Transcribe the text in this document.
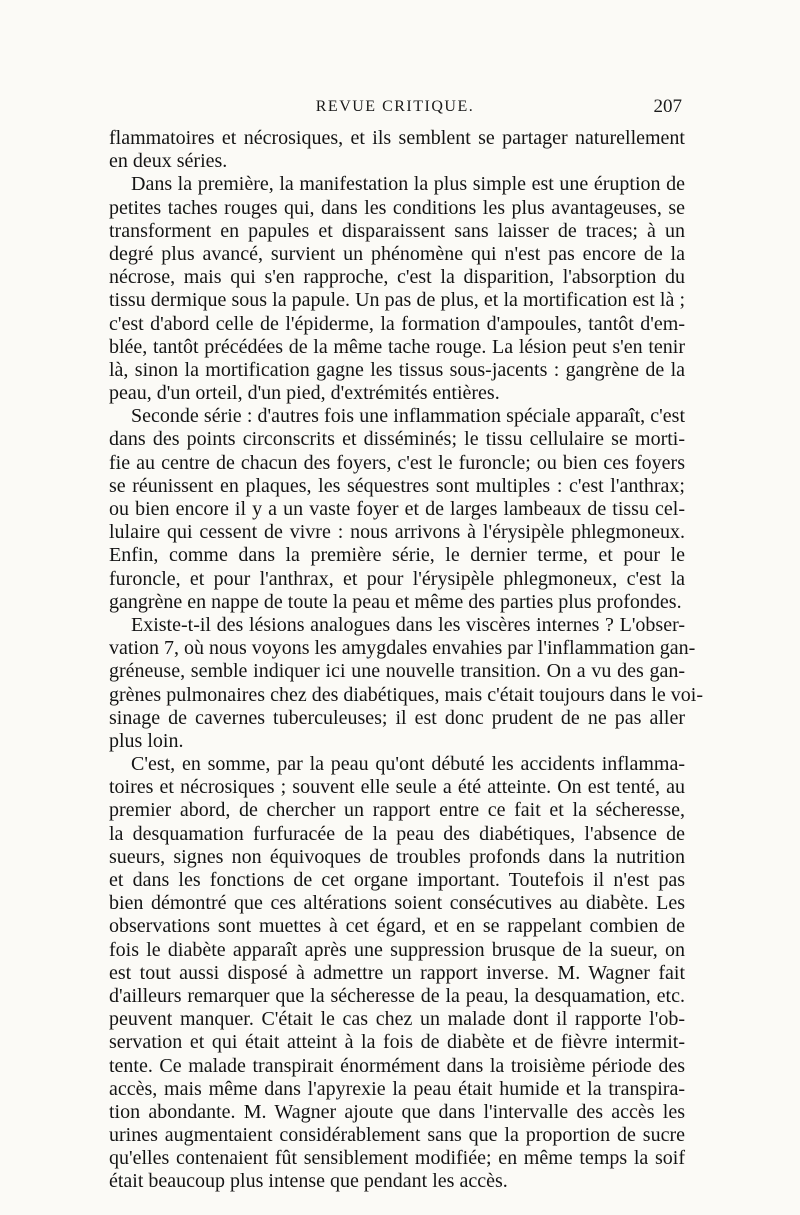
REVUE CRITIQUE.	207
flammatoires et nécrosiques, et ils semblent se partager naturellement
en deux séries.
Dans la première, la manifestation la plus simple est une éruption de
petites taches rouges qui, dans les conditions les plus avantageuses, se
transforment en papules et disparaissent sans laisser de traces; à un
degré plus avancé, survient un phénomène qui n'est pas encore de la
nécrose, mais qui s'en rapproche, c'est la disparition, l'absorption du
tissu dermique sous la papule. Un pas de plus, et la mortification est là ;
c'est d'abord celle de l'épiderme, la formation d'ampoules, tantôt d'em-
blée, tantôt précédées de la même tache rouge. La lésion peut s'en tenir
là, sinon la mortification gagne les tissus sous-jacents : gangrène de la
peau, d'un orteil, d'un pied, d'extrémités entières.
Seconde série : d'autres fois une inflammation spéciale apparaît, c'est
dans des points circonscrits et disséminés; le tissu cellulaire se morti-
fie au centre de chacun des foyers, c'est le furoncle; ou bien ces foyers
se réunissent en plaques, les séquestres sont multiples : c'est l'anthrax;
ou bien encore il y a un vaste foyer et de larges lambeaux de tissu cel-
lulaire qui cessent de vivre : nous arrivons à l'érysipèle phlegmoneux.
Enfin, comme dans la première série, le dernier terme, et pour le
furoncle, et pour l'anthrax, et pour l'érysipèle phlegmoneux, c'est la
gangrène en nappe de toute la peau et même des parties plus profondes.
Existe-t-il des lésions analogues dans les viscères internes ? L'obser-
vation 7, où nous voyons les amygdales envahies par l'inflammation gan-
gréneuse, semble indiquer ici une nouvelle transition. On a vu des gan-
grènes pulmonaires chez des diabétiques, mais c'était toujours dans le voi-
sinage de cavernes tuberculeuses; il est donc prudent de ne pas aller
plus loin.
C'est, en somme, par la peau qu'ont débuté les accidents inflamma-
toires et nécrosiques ; souvent elle seule a été atteinte. On est tenté, au
premier abord, de chercher un rapport entre ce fait et la sécheresse,
la desquamation furfuracée de la peau des diabétiques, l'absence de
sueurs, signes non équivoques de troubles profonds dans la nutrition
et dans les fonctions de cet organe important. Toutefois il n'est pas
bien démontré que ces altérations soient consécutives au diabète. Les
observations sont muettes à cet égard, et en se rappelant combien de
fois le diabète apparaît après une suppression brusque de la sueur, on
est tout aussi disposé à admettre un rapport inverse. M. Wagner fait
d'ailleurs remarquer que la sécheresse de la peau, la desquamation, etc.
peuvent manquer. C'était le cas chez un malade dont il rapporte l'ob-
servation et qui était atteint à la fois de diabète et de fièvre intermit-
tente. Ce malade transpirait énormément dans la troisième période des
accès, mais même dans l'apyrexie la peau était humide et la transpira-
tion abondante. M. Wagner ajoute que dans l'intervalle des accès les
urines augmentaient considérablement sans que la proportion de sucre
qu'elles contenaient fût sensiblement modifiée; en même temps la soif
était beaucoup plus intense que pendant les accès.
